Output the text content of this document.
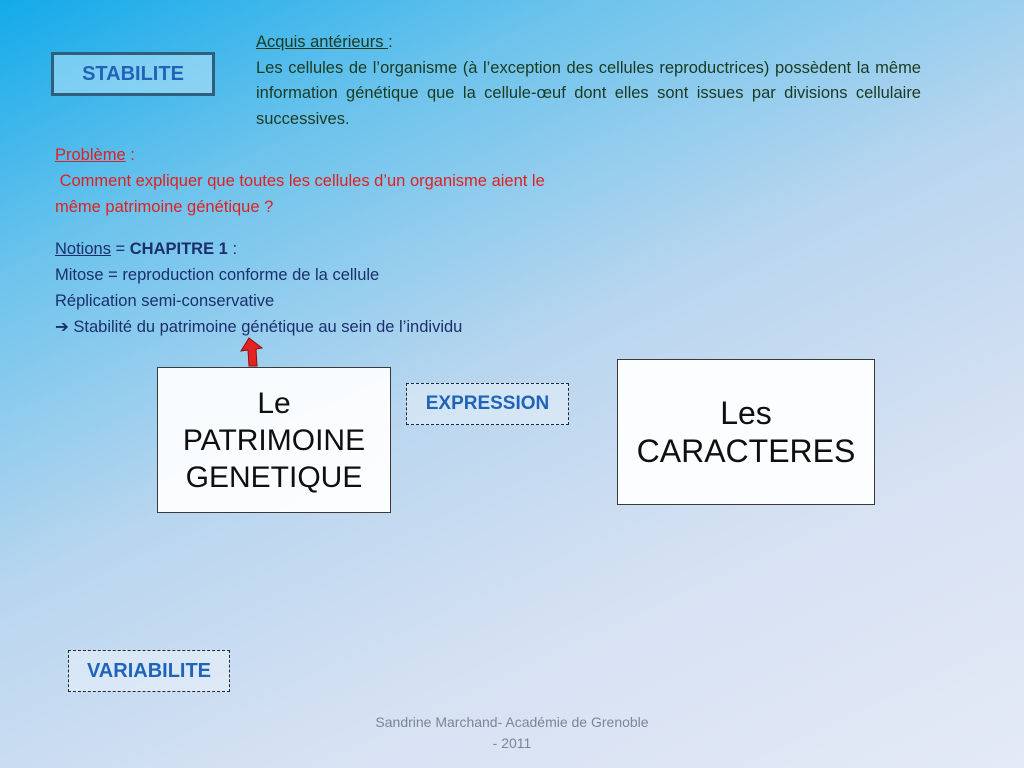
STABILITE
Acquis antérieurs :
Les cellules de l’organisme (à l’exception des cellules reproductrices) possèdent la même information génétique que la cellule-œuf dont elles sont issues par divisions cellulaire successives.
Problème :
Comment expliquer que toutes les cellules d’un organisme aient le
même patrimoine génétique ?
Notions = CHAPITRE 1 :
Mitose = reproduction conforme de la cellule
Réplication semi-conservative
➔ Stabilité du patrimoine génétique au sein de l’individu
Le
PATRIMOINE
GENETIQUE
EXPRESSION	Les
CARACTERES
VARIABILITE
Sandrine Marchand- Académie de Grenoble
- 2011
